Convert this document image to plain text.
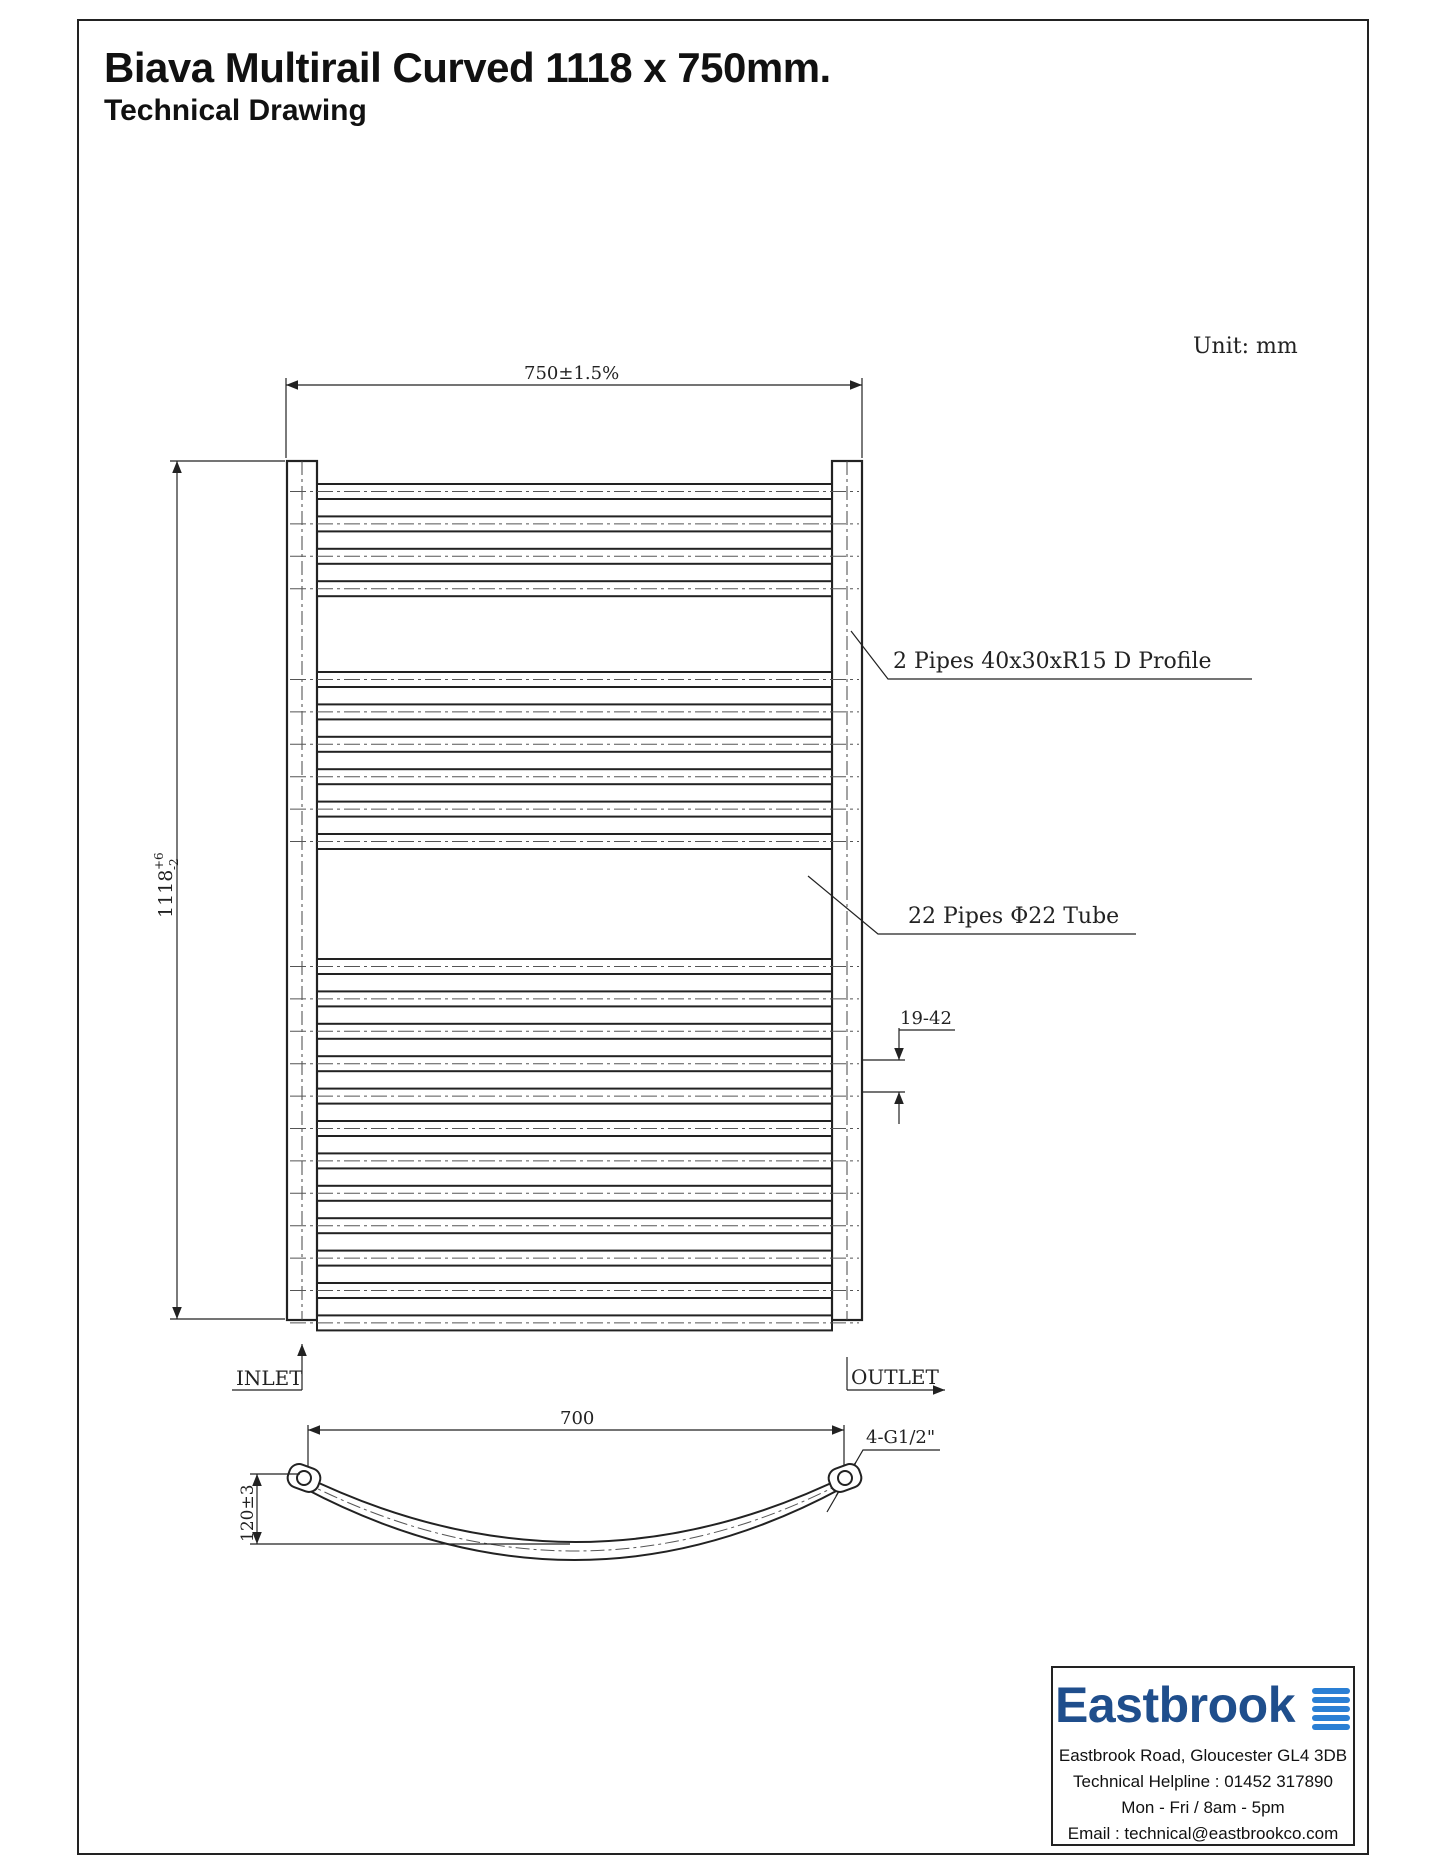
Biava Multirail Curved 1118 x 750mm.
Technical Drawing
Unit: mm
750±1.5%
1118
+6 -2
2 Pipes 40x30xR15 D Profile
22 Pipes Φ22 Tube
19-42
INLET	OUTLET
700
4-G1/2"
120±3
Eastbrook
Eastbrook Road, Gloucester GL4 3DB
Technical Helpline : 01452 317890
Mon - Fri / 8am - 5pm
Email : technical@eastbrookco.com
